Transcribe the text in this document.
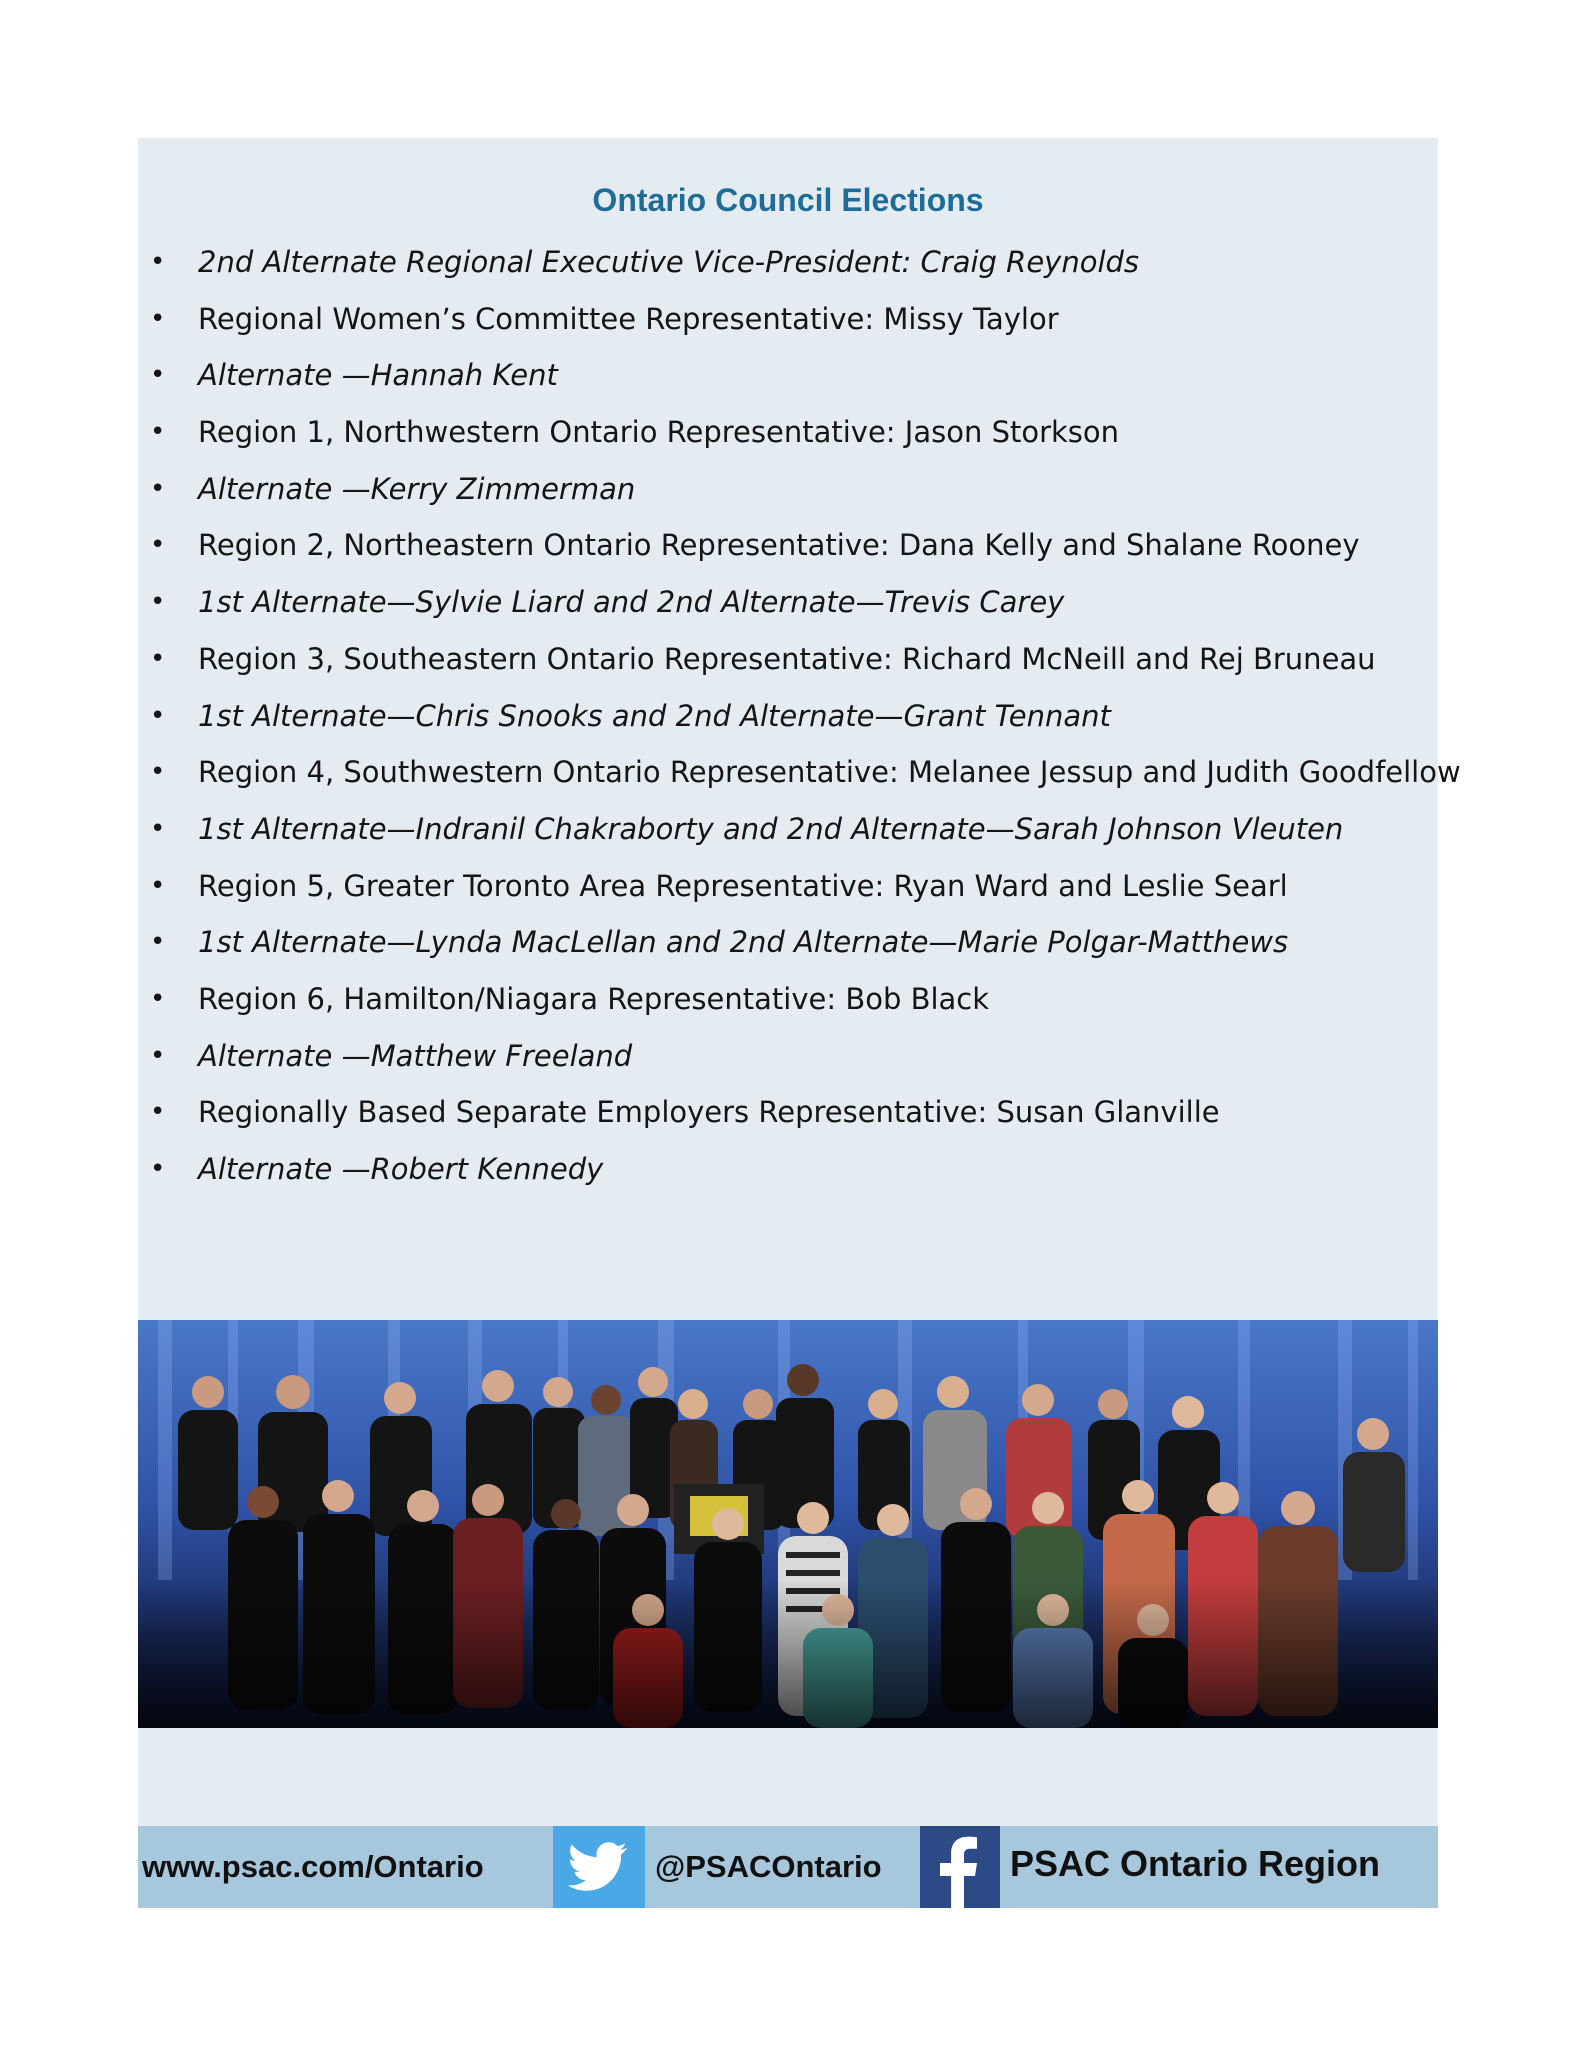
Ontario Council Elections
• 2nd Alternate Regional Executive Vice-President: Craig Reynolds
• Regional Women’s Committee Representative: Missy Taylor
• Alternate —Hannah Kent
• Region 1, Northwestern Ontario Representative: Jason Storkson
• Alternate —Kerry Zimmerman
• Region 2, Northeastern Ontario Representative: Dana Kelly and Shalane Rooney
• 1st Alternate—Sylvie Liard and 2nd Alternate—Trevis Carey
• Region 3, Southeastern Ontario Representative: Richard McNeill and Rej Bruneau
• 1st Alternate—Chris Snooks and 2nd Alternate—Grant Tennant
• Region 4, Southwestern Ontario Representative: Melanee Jessup and Judith Goodfellow
• 1st Alternate—Indranil Chakraborty and 2nd Alternate—Sarah Johnson Vleuten
• Region 5, Greater Toronto Area Representative: Ryan Ward and Leslie Searl
• 1st Alternate—Lynda MacLellan and 2nd Alternate—Marie Polgar-Matthews
• Region 6, Hamilton/Niagara Representative: Bob Black
• Alternate —Matthew Freeland
• Regionally Based Separate Employers Representative: Susan Glanville
• Alternate —Robert Kennedy
www.psac.com/Ontario	@PSACOntario	PSAC Ontario Region
